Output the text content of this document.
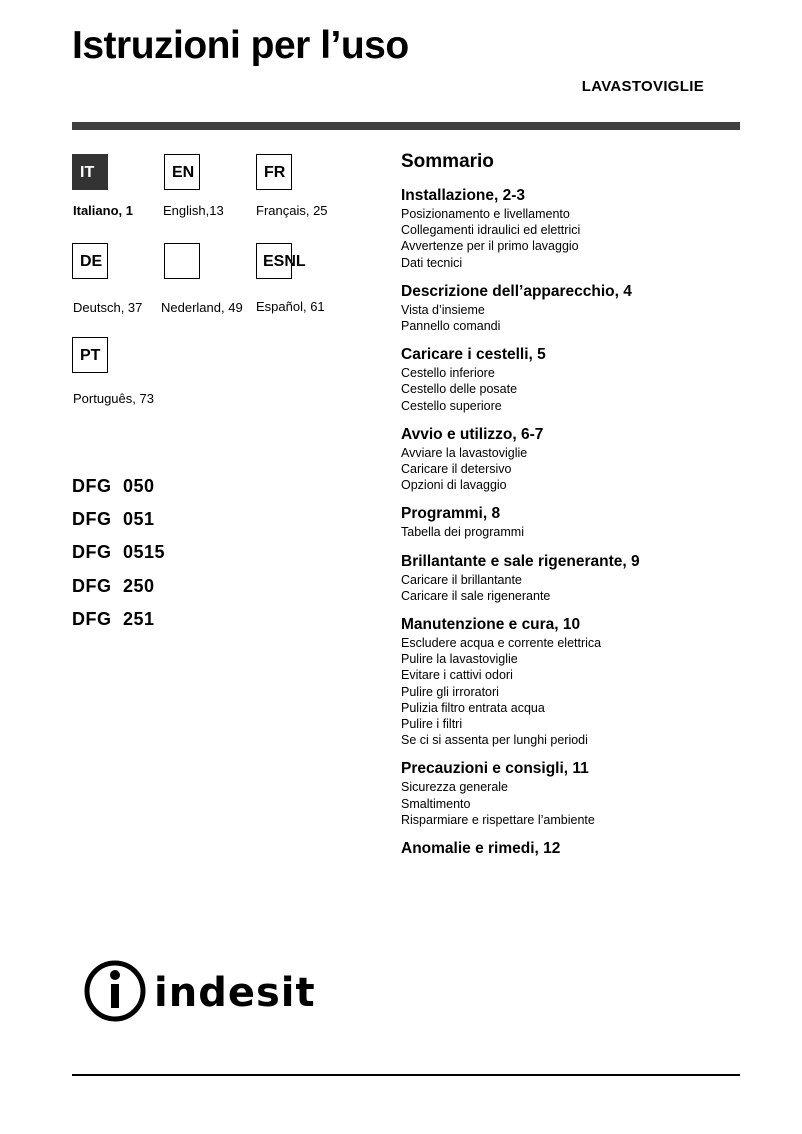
Istruzioni per l’uso
LAVASTOVIGLIE
IT
Italiano, 1
EN
English,13
FR
Français, 25
DE
Deutsch, 37 Nederland, 49
ESNL
Español, 61
PT
Português, 73
DFG 050
DFG 051
DFG 0515
DFG 250
DFG 251
Sommario
Installazione, 2-3
Posizionamento e livellamento
Collegamenti idraulici ed elettrici
Avvertenze per il primo lavaggio
Dati tecnici
Descrizione dell’apparecchio, 4
Vista d’insieme
Pannello comandi
Caricare i cestelli, 5
Cestello inferiore
Cestello delle posate
Cestello superiore
Avvio e utilizzo, 6-7
Avviare la lavastoviglie
Caricare il detersivo
Opzioni di lavaggio
Programmi, 8
Tabella dei programmi
Brillantante e sale rigenerante, 9
Caricare il brillantante
Caricare il sale rigenerante
Manutenzione e cura, 10
Escludere acqua e corrente elettrica
Pulire la lavastoviglie
Evitare i cattivi odori
Pulire gli irroratori
Pulizia filtro entrata acqua
Pulire i filtri
Se ci si assenta per lunghi periodi
Precauzioni e consigli, 11
Sicurezza generale
Smaltimento
Risparmiare e rispettare l’ambiente
Anomalie e rimedi, 12
indesit
